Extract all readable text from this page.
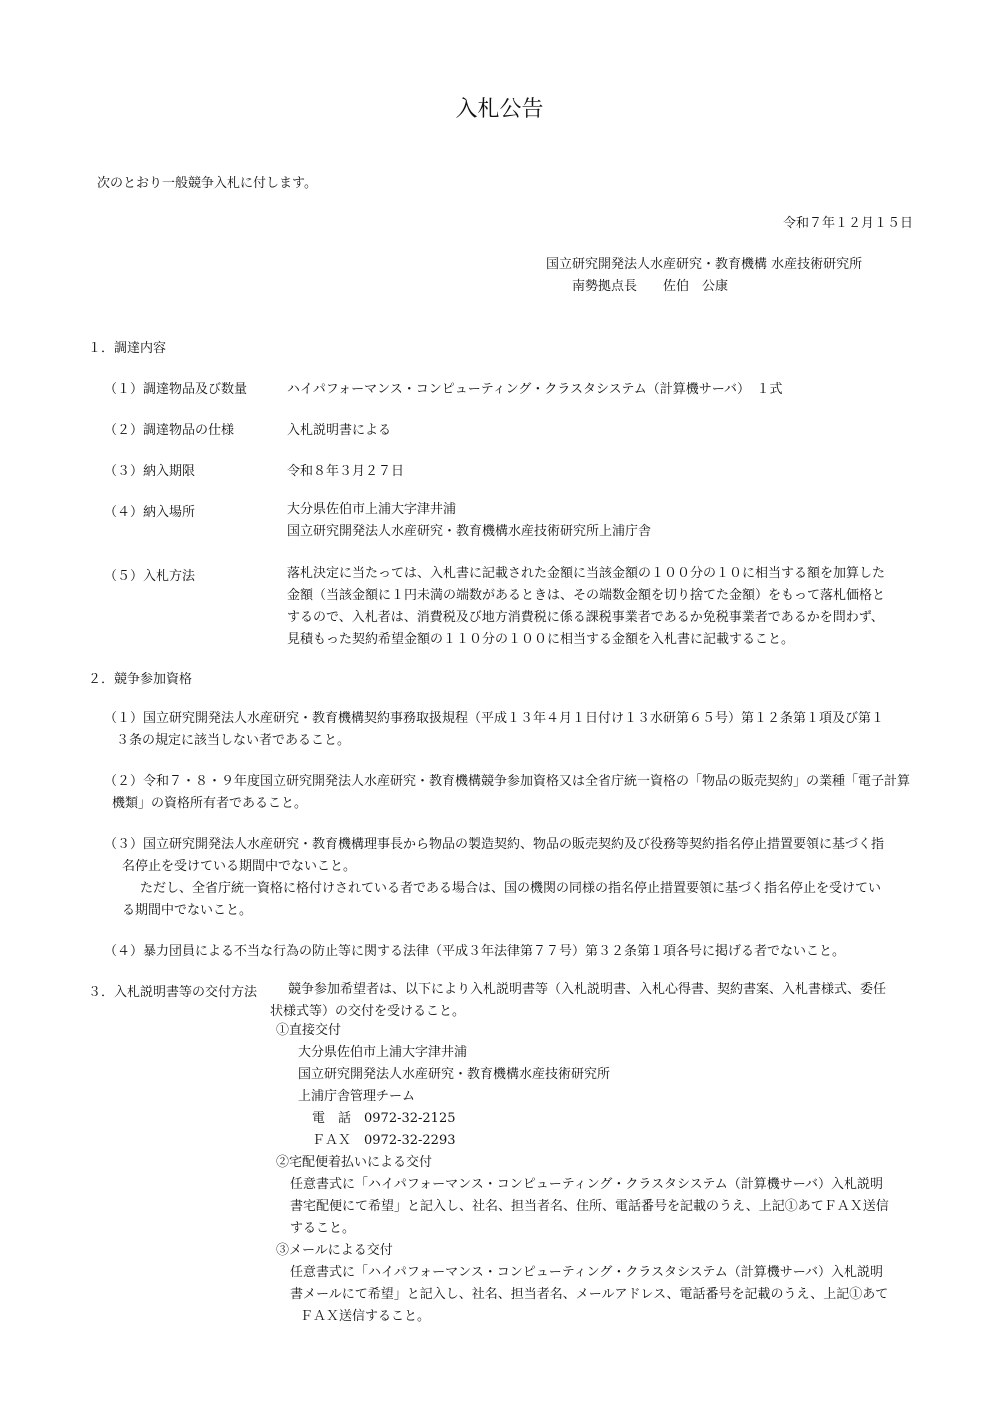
入札公告
次のとおり一般競争入札に付します。
令和７年１２月１５日
国立研究開発法人水産研究・教育機構 水産技術研究所
南勢拠点長　　佐伯　公康
１．調達内容
（１）調達物品及び数量	ハイパフォーマンス・コンピューティング・クラスタシステム（計算機サーバ）　１式
（２）調達物品の仕様	入札説明書による
（３）納入期限	令和８年３月２７日
（４）納入場所	大分県佐伯市上浦大字津井浦
国立研究開発法人水産研究・教育機構水産技術研究所上浦庁舎
（５）入札方法	落札決定に当たっては、入札書に記載された金額に当該金額の１００分の１０に相当する額を加算した
金額（当該金額に１円未満の端数があるときは、その端数金額を切り捨てた金額）をもって落札価格と
するので、入札者は、消費税及び地方消費税に係る課税事業者であるか免税事業者であるかを問わず、
見積もった契約希望金額の１１０分の１００に相当する金額を入札書に記載すること。
２．競争参加資格
（１）国立研究開発法人水産研究・教育機構契約事務取扱規程（平成１３年４月１日付け１３水研第６５号）第１２条第１項及び第１
３条の規定に該当しない者であること。
（２）令和７・８・９年度国立研究開発法人水産研究・教育機構競争参加資格又は全省庁統一資格の「物品の販売契約」の業種「電子計算
機類」の資格所有者であること。
（３）国立研究開発法人水産研究・教育機構理事長から物品の製造契約、物品の販売契約及び役務等契約指名停止措置要領に基づく指
名停止を受けている期間中でないこと。
ただし、全省庁統一資格に格付けされている者である場合は、国の機関の同様の指名停止措置要領に基づく指名停止を受けてい
る期間中でないこと。
（４）暴力団員による不当な行為の防止等に関する法律（平成３年法律第７７号）第３２条第１項各号に掲げる者でないこと。
３．入札説明書等の交付方法	競争参加希望者は、以下により入札説明書等（入札説明書、入札心得書、契約書案、入札書様式、委任
状様式等）の交付を受けること。
①直接交付
大分県佐伯市上浦大字津井浦
国立研究開発法人水産研究・教育機構水産技術研究所
上浦庁舎管理チーム
電　話　0972-32-2125
ＦＡＸ　0972-32-2293
②宅配便着払いによる交付
任意書式に「ハイパフォーマンス・コンピューティング・クラスタシステム（計算機サーバ）入札説明
書宅配便にて希望」と記入し、社名、担当者名、住所、電話番号を記載のうえ、上記①あてＦＡＸ送信
すること。
③メールによる交付
任意書式に「ハイパフォーマンス・コンピューティング・クラスタシステム（計算機サーバ）入札説明
書メールにて希望」と記入し、社名、担当者名、メールアドレス、電話番号を記載のうえ、上記①あて
ＦＡＸ送信すること。
